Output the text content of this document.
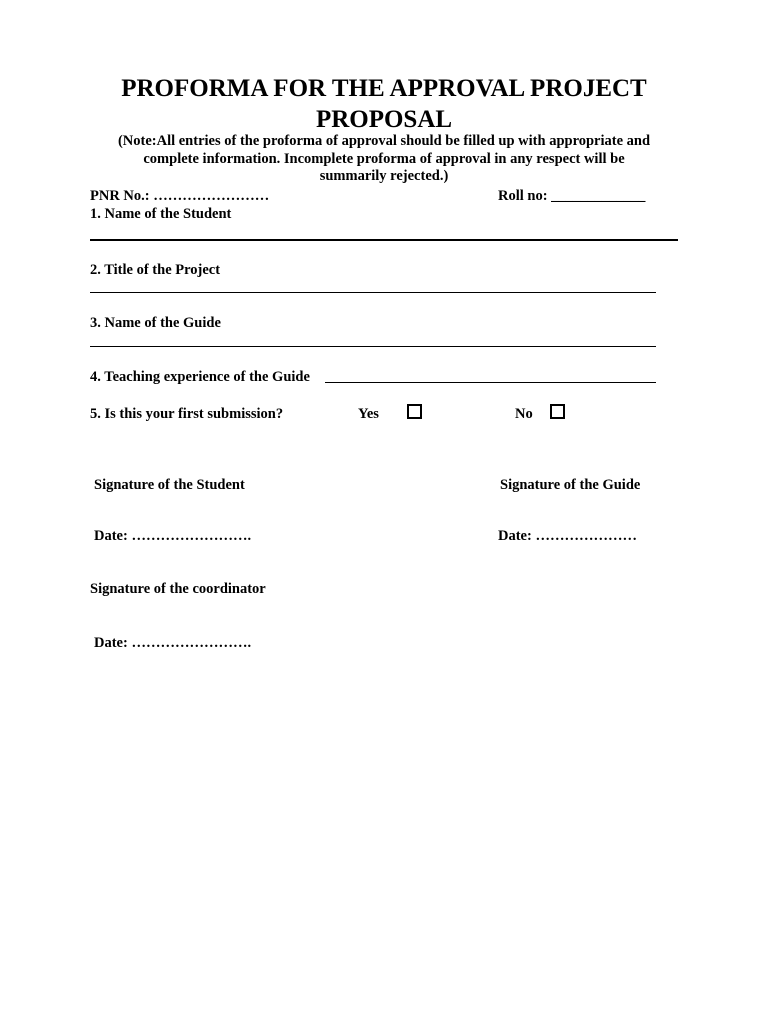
PROFORMA FOR THE APPROVAL PROJECT
PROPOSAL
(Note:All entries of the proforma of approval should be filled up with appropriate and
complete information. Incomplete proforma of approval in any respect will be
summarily rejected.)
PNR No.: ……………………	Roll no: _____________
1. Name of the Student
2. Title of the Project
3. Name of the Guide
4. Teaching experience of the Guide
5. Is this your first submission?	Yes	No
Signature of the Student	Signature of the Guide
Date: …………………….	Date: …………………
Signature of the coordinator
Date: …………………….
